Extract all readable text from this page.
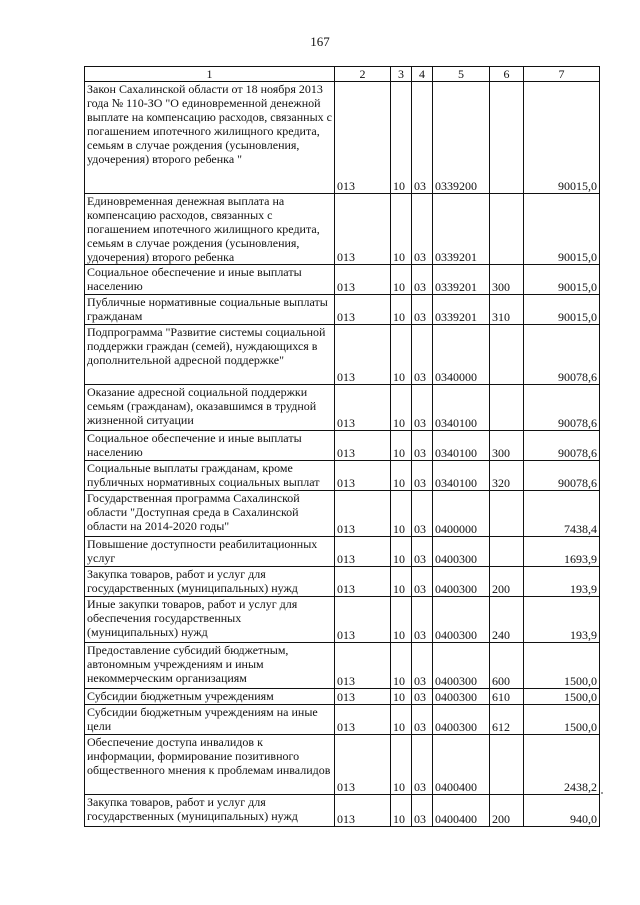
167
1	2	3	4	5	6	7
Закон Сахалинской области от 18 ноября 2013 года № 110-ЗО "О единовременной денежной выплате на компенсацию расходов, связанных с погашением ипотечного жилищного кредита, семьям в случае рождения (усыновления, удочерения) второго ребенка "	013	10	03	0339200		90015,0
Единовременная денежная выплата на компенсацию расходов, связанных с погашением ипотечного жилищного кредита, семьям в случае рождения (усыновления, удочерения) второго ребенка	013	10	03	0339201		90015,0
Социальное обеспечение и иные выплаты населению	013	10	03	0339201	300	90015,0
Публичные нормативные социальные выплаты гражданам	013	10	03	0339201	310	90015,0
Подпрограмма "Развитие системы социальной поддержки граждан (семей), нуждающихся в дополнительной адресной поддержке"	013	10	03	0340000		90078,6
Оказание адресной социальной поддержки семьям (гражданам), оказавшимся в трудной жизненной ситуации	013	10	03	0340100		90078,6
Социальное обеспечение и иные выплаты населению	013	10	03	0340100	300	90078,6
Социальные выплаты гражданам, кроме публичных нормативных социальных выплат	013	10	03	0340100	320	90078,6
Государственная программа Сахалинской области "Доступная среда в Сахалинской области на 2014-2020 годы"	013	10	03	0400000		7438,4
Повышение доступности реабилитационных услуг	013	10	03	0400300		1693,9
Закупка товаров, работ и услуг для государственных (муниципальных) нужд	013	10	03	0400300	200	193,9
Иные закупки товаров, работ и услуг для обеспечения государственных (муниципальных) нужд	013	10	03	0400300	240	193,9
Предоставление субсидий бюджетным, автономным учреждениям и иным некоммерческим организациям	013	10	03	0400300	600	1500,0
Субсидии бюджетным учреждениям	013	10	03	0400300	610	1500,0
Субсидии бюджетным учреждениям на иные цели	013	10	03	0400300	612	1500,0
Обеспечение доступа инвалидов к информации, формирование позитивного общественного мнения к проблемам инвалидов	013	10	03	0400400		2438,2
Закупка товаров, работ и услуг для государственных (муниципальных) нужд	013	10	03	0400400	200	940,0
